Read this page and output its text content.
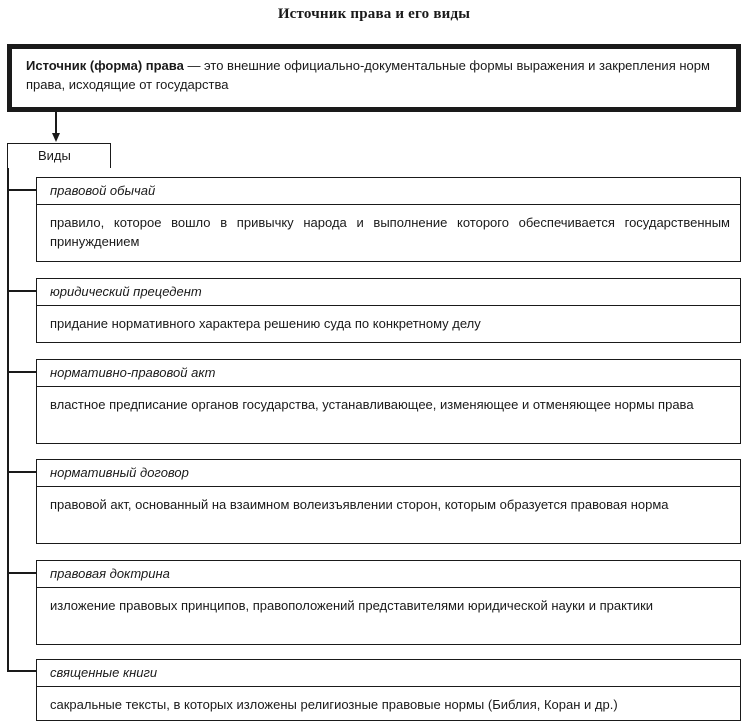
Источник права и его виды
Источник (форма) права — это внешние официально-документальные формы выражения и закрепления норм права, исходящие от государства
Виды
правовой обычай
правило, которое вошло в привычку народа и выполнение которого обеспечивается государственным принуждением
юридический прецедент
придание нормативного характера решению суда по конкретному делу
нормативно-правовой акт
властное предписание органов государства, устанавливающее, изменяющее и отменяющее нормы права
нормативный договор
правовой акт, основанный на взаимном волеизъявлении сторон, которым образуется правовая норма
правовая доктрина
изложение правовых принципов, правоположений представителями юридической науки и практики
священные книги
сакральные тексты, в которых изложены религиозные правовые нормы (Библия, Коран и др.)
